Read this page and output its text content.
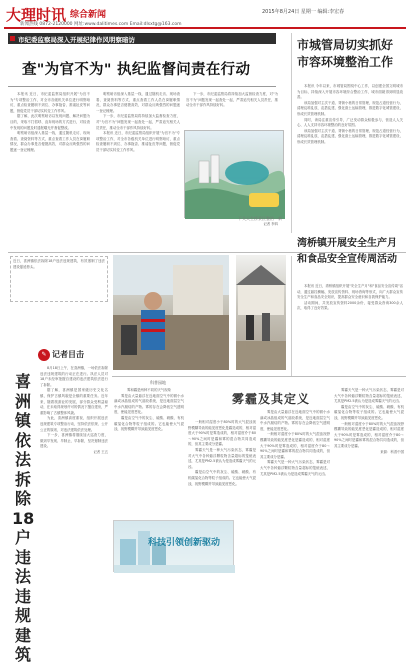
大理时讯 综合新闻	2015年8月24日 星期一 编辑:李宏春
新闻热线 0872-2120000 网址:www.dalitimes.com Email:dlsxtg@163.com
市纪委监察局深入开展纪律作风明察暗访
查"为官不为" 执纪监督问责在行动

本报讯 近日，市纪委监察局组织开展"为官不为"专项整治工作，对全市各级机关单位进行明察暗访，重点检查履职不到位、办事拖沓、推诿扯皮等问题，督促党员干部切实转变工作作风。

据了解，此次明察暗访以发现问题、解决问题为目的，采取不打招呼、直奔现场的方式进行，对检查中发现的问题及时通报曝光并督促整改。

明察暗访组深入基层一线，通过随机走访、现场查看、查阅资料等方式，重点查看工作人员在岗履职情况，群众办事是否便捷高效，对群众反映强烈的问题逐一登记梳理。

明察暗访组深入基层一线，通过随机走访、现场查看、查阅资料等方式，重点查看工作人员在岗履职情况，群众办事是否便捷高效，对群众反映强烈的问题逐一登记梳理。

下一步，市纪委监察局将持续加大监督检查力度，对"为官不为"问题发现一起查处一起，严肃追究相关人员责任，推动全市干部作风持续好转。

本报讯 近日，市纪委监察局组织开展"为官不为"专项整治工作，对全市各级机关单位进行明察暗访，重点检查履职不到位、办事拖沓、推诿扯皮等问题，督促党员干部切实转变工作作风。

下一步，市纪委监察局将持续加大监督检查力度，对"为官不为"问题发现一起查处一起，严肃追究相关人员责任，推动全市干部作风持续好转。

下关天生桥景区整治一新

记者 李四

市城管局切实抓好市容环境整治工作

本报讯 今年以来，市城管局围绕中心工作，以创建全国文明城市为目标，持续深入开展市容环境综合整治工作，城市面貌得到明显改善。

该局加强对主次干道、背街小巷的日常管理，规范占道经营行为，清理乱堆乱放、乱搭乱建，强化渣土运输管理，推进数字化城管建设，形成长效管理机制。

同时，该局注重宣传引导，广泛发动群众积极参与，营造人人关心、人人支持市容环境整治的良好氛围。

该局加强对主次干道、背街小巷的日常管理，规范占道经营行为，清理乱堆乱放、乱搭乱建，强化渣土运输管理，推进数字化城管建设，形成长效管理机制。

近日，喜洲镇依法拆除18户违法违规建筑，有效遏制了违法建设蔓延势头。

✎ 记者目击
喜洲镇依法拆除18户违法违规建筑

8月18日上午，在喜洲镇，一场依法拆除违法违规建筑的行动正在进行。执法人员对18户未经审批擅自建设的违法建筑依法进行了拆除。

据了解，喜洲镇是国家级历史文化名镇，保护古镇风貌是全镇的重要任务。近年来，随着旅游业的发展，部分群众受利益驱动，在未取得规划许可的情况下擅自建房，严重影响了古镇整体风貌。

为此，喜洲镇高度重视，组织开展违法违规建筑专项整治行动，坚持依法依规、公开公正的原则，对违法建筑依法处理。

下一步，喜洲镇将继续加大巡查力度，做到早发现、早制止、早拆除，坚决遏制违法建设。

记者 王五

湾桥镇开展安全生产月和食品安全宣传周活动

本报讯 近日，湾桥镇组织开展"安全生产月"和"食品安全宣传周"活动，通过悬挂横幅、发放宣传资料、现场咨询等形式，向广大群众宣传安全生产和食品安全知识，提高群众安全意识和自我保护能力。

活动期间，共发放宣传资料2000余份，接受群众咨询300余人次，取得了良好效果。

科普园地

雾和霾是两种不同的天气现象

雾是由大量悬浮在近地面空气中的微小水滴或冰晶组成的气溶胶系统，是近地面层空气中水汽凝结的产物。雾的存在会降低空气透明度，使能见度恶化。

霾是由空气中的灰尘、硫酸、硝酸、有机碳氢化合物等粒子组成的。它也能使大气混浊，视野模糊并导致能见度恶化。

一般相对湿度小于80%时的大气混浊视野模糊导致的能见度恶化是霾造成的，相对湿度大于90%时是雾造成的，相对湿度介于80～90%之间时是霾和雾的混合物共同造成的，但其主要成分是霾。

雾霾天气是一种大气污染状态，雾霾是对大气中各种悬浮颗粒物含量超标的笼统表述，尤其是PM2.5被认为是造成雾霾天气的元凶。

霾是由空气中的灰尘、硫酸、硝酸、有机碳氢化合物等粒子组成的。它也能使大气混浊，视野模糊并导致能见度恶化。

雾霾及其定义

雾是由大量悬浮在近地面空气中的微小水滴或冰晶组成的气溶胶系统，是近地面层空气中水汽凝结的产物。雾的存在会降低空气透明度，使能见度恶化。

一般相对湿度小于80%时的大气混浊视野模糊导致的能见度恶化是霾造成的，相对湿度大于90%时是雾造成的，相对湿度介于80～90%之间时是霾和雾的混合物共同造成的，但其主要成分是霾。

雾霾天气是一种大气污染状态，雾霾是对大气中各种悬浮颗粒物含量超标的笼统表述，尤其是PM2.5被认为是造成雾霾天气的元凶。

雾霾天气是一种大气污染状态，雾霾是对大气中各种悬浮颗粒物含量超标的笼统表述，尤其是PM2.5被认为是造成雾霾天气的元凶。

霾是由空气中的灰尘、硫酸、硝酸、有机碳氢化合物等粒子组成的。它也能使大气混浊，视野模糊并导致能见度恶化。

一般相对湿度小于80%时的大气混浊视野模糊导致的能见度恶化是霾造成的，相对湿度大于90%时是雾造成的，相对湿度介于80～90%之间时是霾和雾的混合物共同造成的，但其主要成分是霾。

来源：科普中国

科技引领创新驱动
